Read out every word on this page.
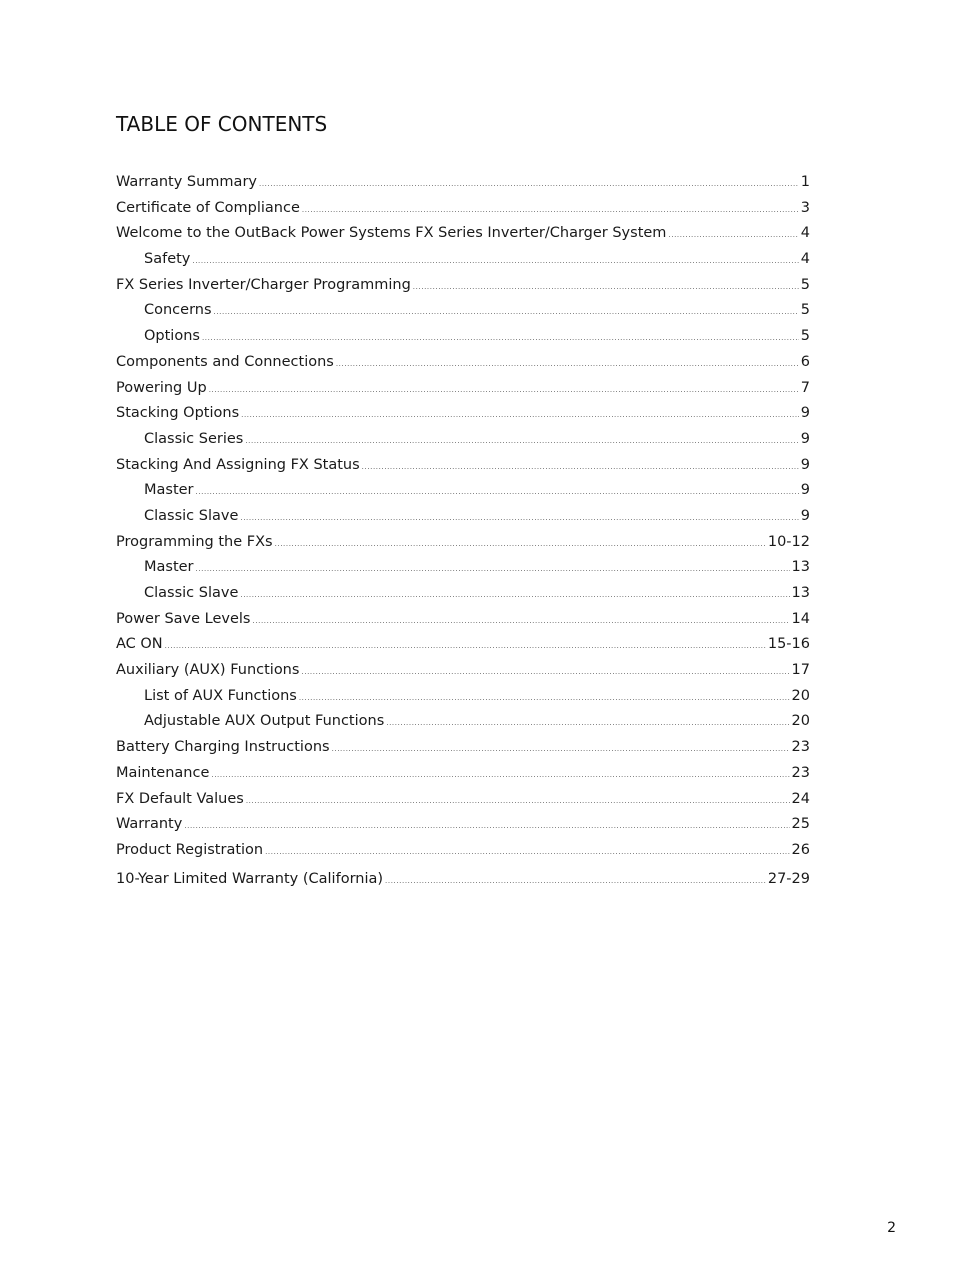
TABLE OF CONTENTS
Warranty Summary .....	1
Certificate of Compliance .....	3
Welcome to the OutBack Power Systems FX Series Inverter/Charger System .....	4
Safety .....	4
FX Series Inverter/Charger Programming .....	5
Concerns .....	5
Options .....	5
Components and Connections .....	6
Powering Up .....	7
Stacking Options .....	9
Classic Series .....	9
Stacking And Assigning FX Status .....	9
Master .....	9
Classic Slave .....	9
Programming the FXs .....	10-12
Master .....	13
Classic Slave .....	13
Power Save Levels .....	14
AC ON .....	15-16
Auxiliary (AUX) Functions .....	17
List of AUX Functions .....	20
Adjustable AUX Output Functions .....	20
Battery Charging Instructions .....	23
Maintenance .....	23
FX Default Values .....	24
Warranty .....	25
Product Registration .....	26
10-Year Limited Warranty (California) .....	27-29
2
